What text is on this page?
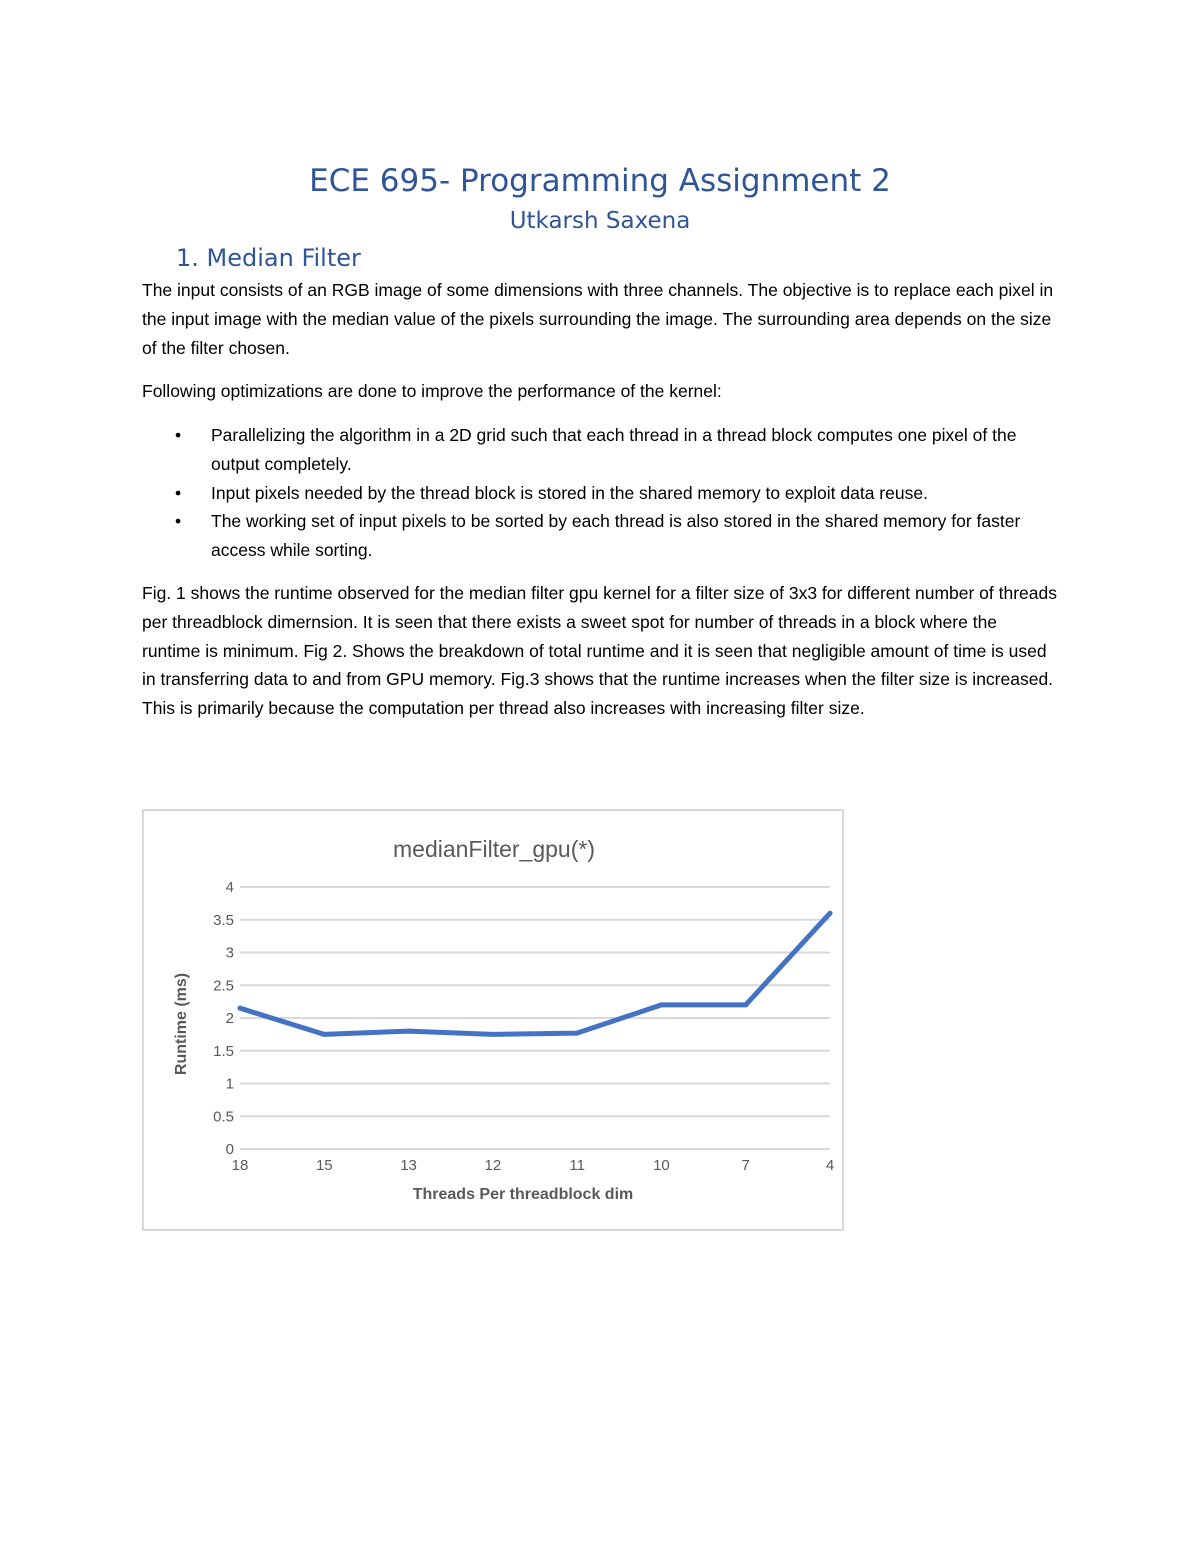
ECE 695- Programming Assignment 2
Utkarsh Saxena
1. Median Filter

The input consists of an RGB image of some dimensions with three channels. The objective is to replace each pixel in the input image with the median value of the pixels surrounding the image. The surrounding area depends on the size of the filter chosen.

Following optimizations are done to improve the performance of the kernel:

• Parallelizing the algorithm in a 2D grid such that each thread in a thread block computes one pixel of the output completely.
• Input pixels needed by the thread block is stored in the shared memory to exploit data reuse.
• The working set of input pixels to be sorted by each thread is also stored in the shared memory for faster access while sorting.

Fig. 1 shows the runtime observed for the median filter gpu kernel for a filter size of 3x3 for different number of threads per threadblock dimernsion. It is seen that there exists a sweet spot for number of threads in a block where the runtime is minimum. Fig 2. Shows the breakdown of total runtime and it is seen that negligible amount of time is used in transferring data to and from GPU memory. Fig.3 shows that the runtime increases when the filter size is increased. This is primarily because the computation per thread also increases with increasing filter size.

medianFilter_gpu(*)
Threads Per threadblock dim
Runtime (ms)
0
0.5
1
1.5
2
2.5
3
3.5
4
18	15	13	12	11	10	7	4
